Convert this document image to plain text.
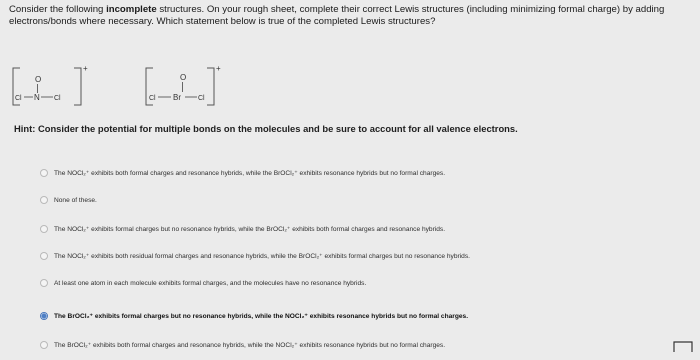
Consider the following incomplete structures. On your rough sheet, complete their correct Lewis structures (including minimizing formal charge) by adding electrons/bonds where necessary. Which statement below is true of the completed Lewis structures?
O
Cl N Cl
+
O
Cl Br Cl
+
Hint: Consider the potential for multiple bonds on the molecules and be sure to account for all valence electrons.
The NOCl₂⁺ exhibits both formal charges and resonance hybrids, while the BrOCl₂⁺ exhibits resonance hybrids but no formal charges.
None of these.
The NOCl₂⁺ exhibits formal charges but no resonance hybrids, while the BrOCl₂⁺ exhibits both formal charges and resonance hybrids.
The NOCl₂⁺ exhibits both residual formal charges and resonance hybrids, while the BrOCl₂⁺ exhibits formal charges but no resonance hybrids.
At least one atom in each molecule exhibits formal charges, and the molecules have no resonance hybrids.
The BrOCl₂⁺ exhibits formal charges but no resonance hybrids, while the NOCl₂⁺ exhibits resonance hybrids but no formal charges.
The BrOCl₂⁺ exhibits both formal charges and resonance hybrids, while the NOCl₂⁺ exhibits resonance hybrids but no formal charges.
